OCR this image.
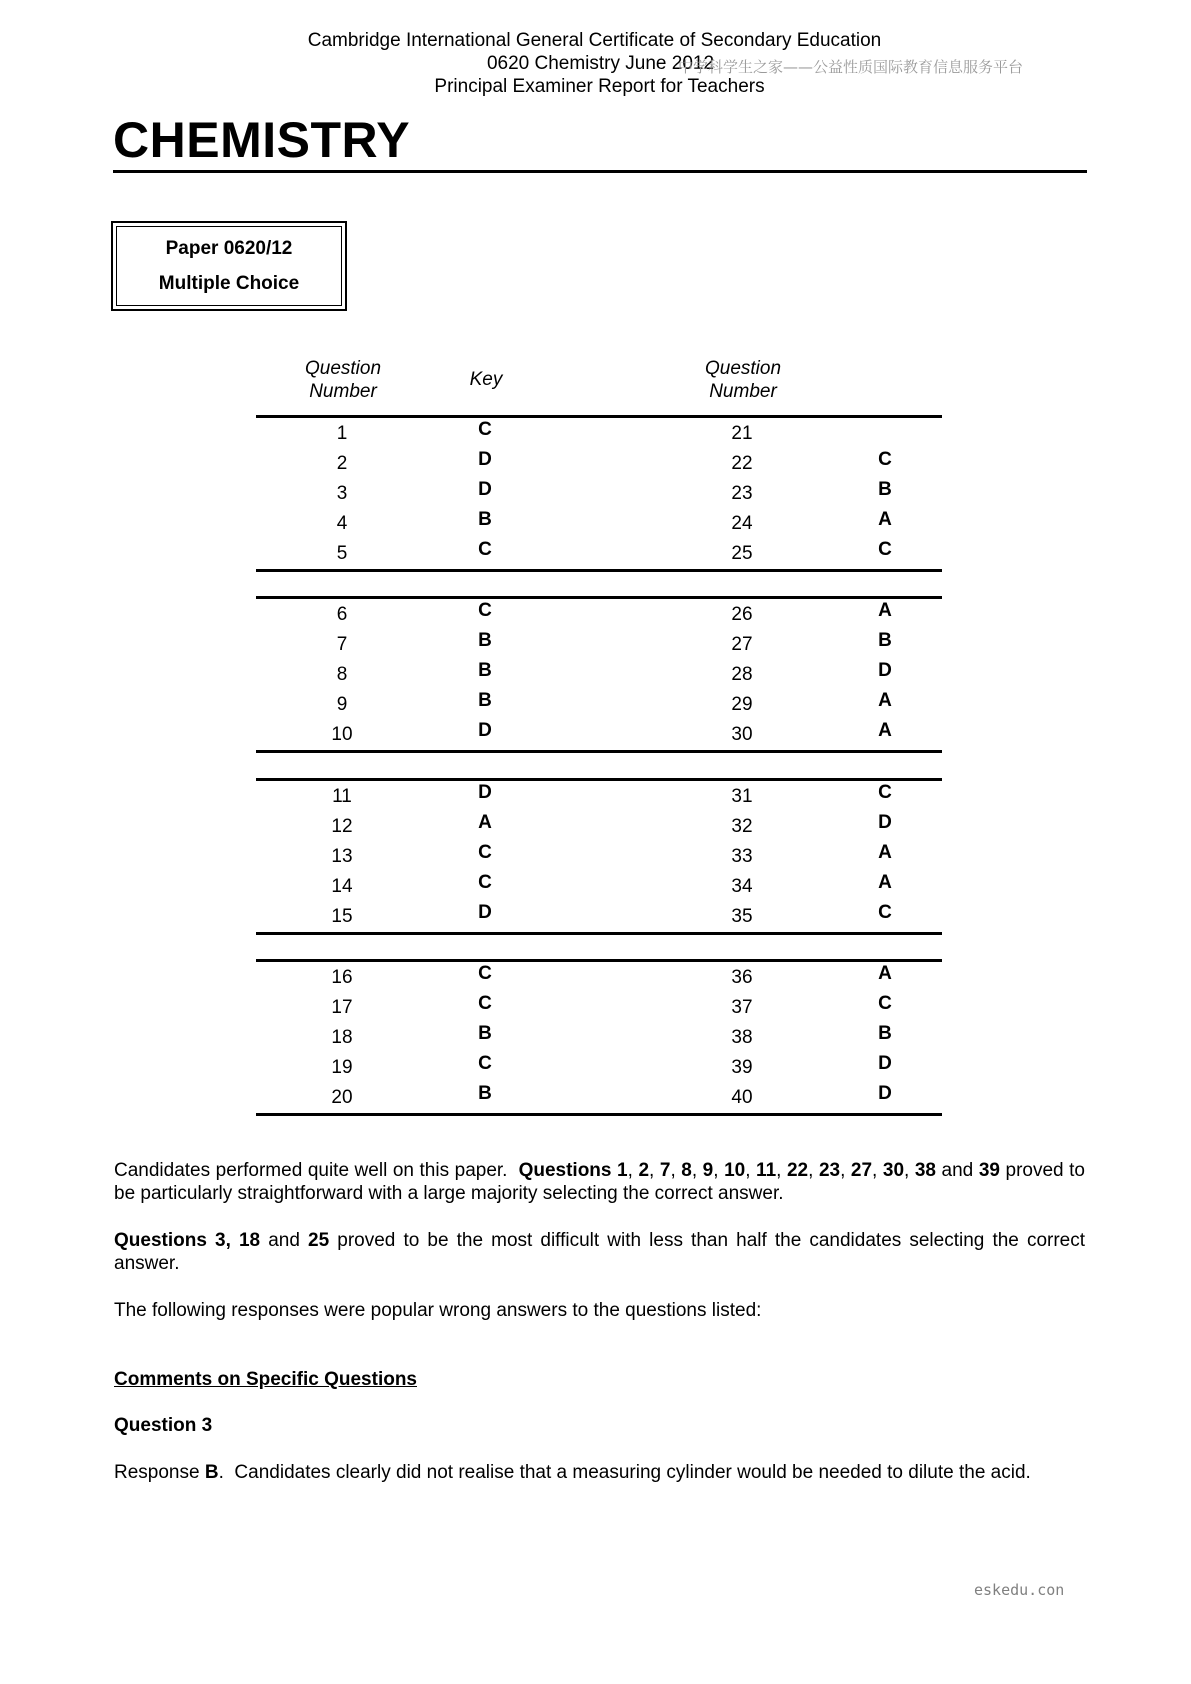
Cambridge International General Certificate of Secondary Education
0620 Chemistry June 2012
Principal Examiner Report for Teachers
中学科学生之家——公益性质国际教育信息服务平台
CHEMISTRY
Paper 0620/12
Multiple Choice
Question
Number
Key
Question
Number
1	C	21
2	D	22	C
3	D	23	B
4	B	24	A
5	C	25	C
6	C	26	A
7	B	27	B
8	B	28	D
9	B	29	A
10	D	30	A
11	D	31	C
12	A	32	D
13	C	33	A
14	C	34	A
15	D	35	C
16	C	36	A
17	C	37	C
18	B	38	B
19	C	39	D
20	B	40	D
Candidates performed quite well on this paper. Questions 1, 2, 7, 8, 9, 10, 11, 22, 23, 27, 30, 38 and 39 proved to be particularly straightforward with a large majority selecting the correct answer.
Questions 3, 18 and 25 proved to be the most difficult with less than half the candidates selecting the correct answer.
The following responses were popular wrong answers to the questions listed:
Comments on Specific Questions
Question 3
Response B.  Candidates clearly did not realise that a measuring cylinder would be needed to dilute the acid.
eskedu.con
